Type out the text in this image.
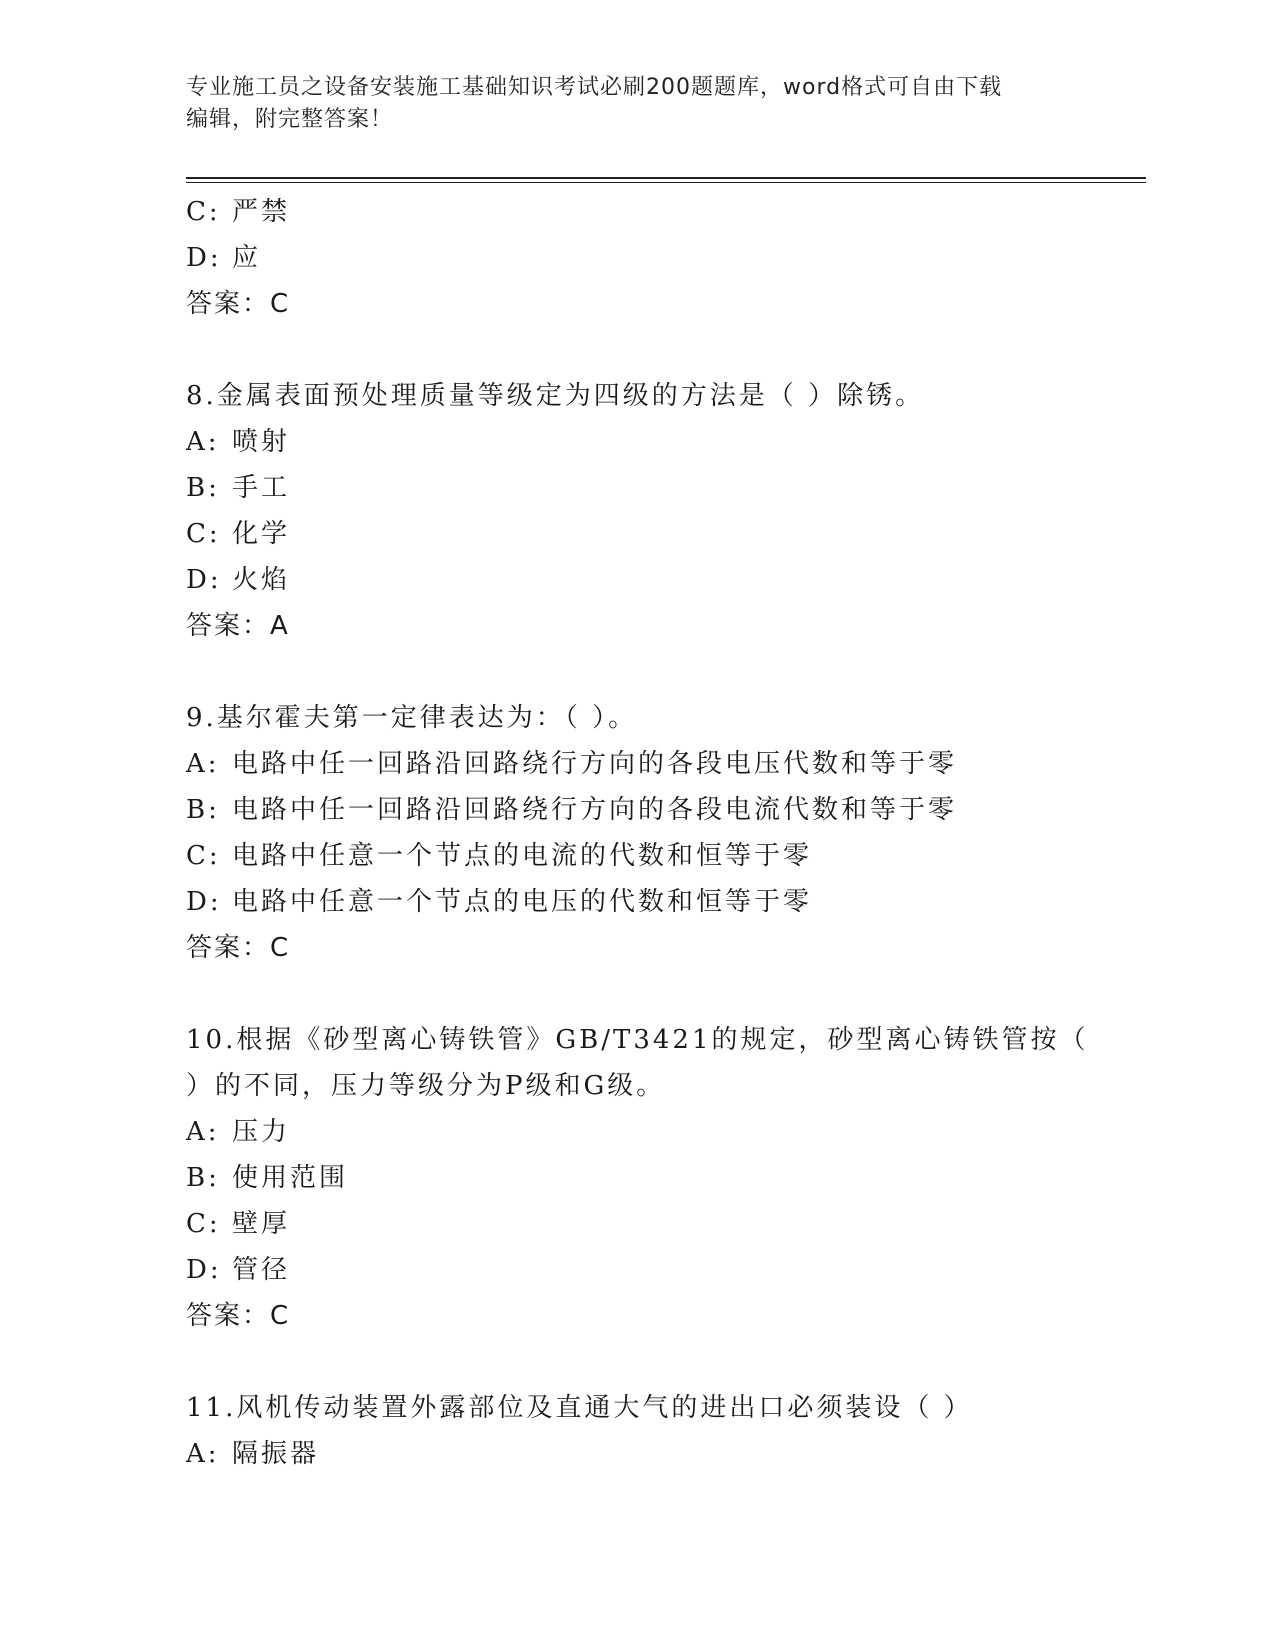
专业施工员之设备安装施工基础知识考试必刷200题题库，word格式可自由下载
编辑，附完整答案！
C: 严禁
D: 应
答案：C
8.金属表面预处理质量等级定为四级的方法是（ ）除锈。
A: 喷射
B: 手工
C: 化学
D: 火焰
答案：A
9.基尔霍夫第一定律表达为：（ ）。
A: 电路中任一回路沿回路绕行方向的各段电压代数和等于零
B: 电路中任一回路沿回路绕行方向的各段电流代数和等于零
C: 电路中任意一个节点的电流的代数和恒等于零
D: 电路中任意一个节点的电压的代数和恒等于零
答案：C
10.根据《砂型离心铸铁管》GB/T3421的规定，砂型离心铸铁管按（
）的不同，压力等级分为P级和G级。
A: 压力
B: 使用范围
C: 壁厚
D: 管径
答案：C
11.风机传动装置外露部位及直通大气的进出口必须装设（ ）
A: 隔振器
